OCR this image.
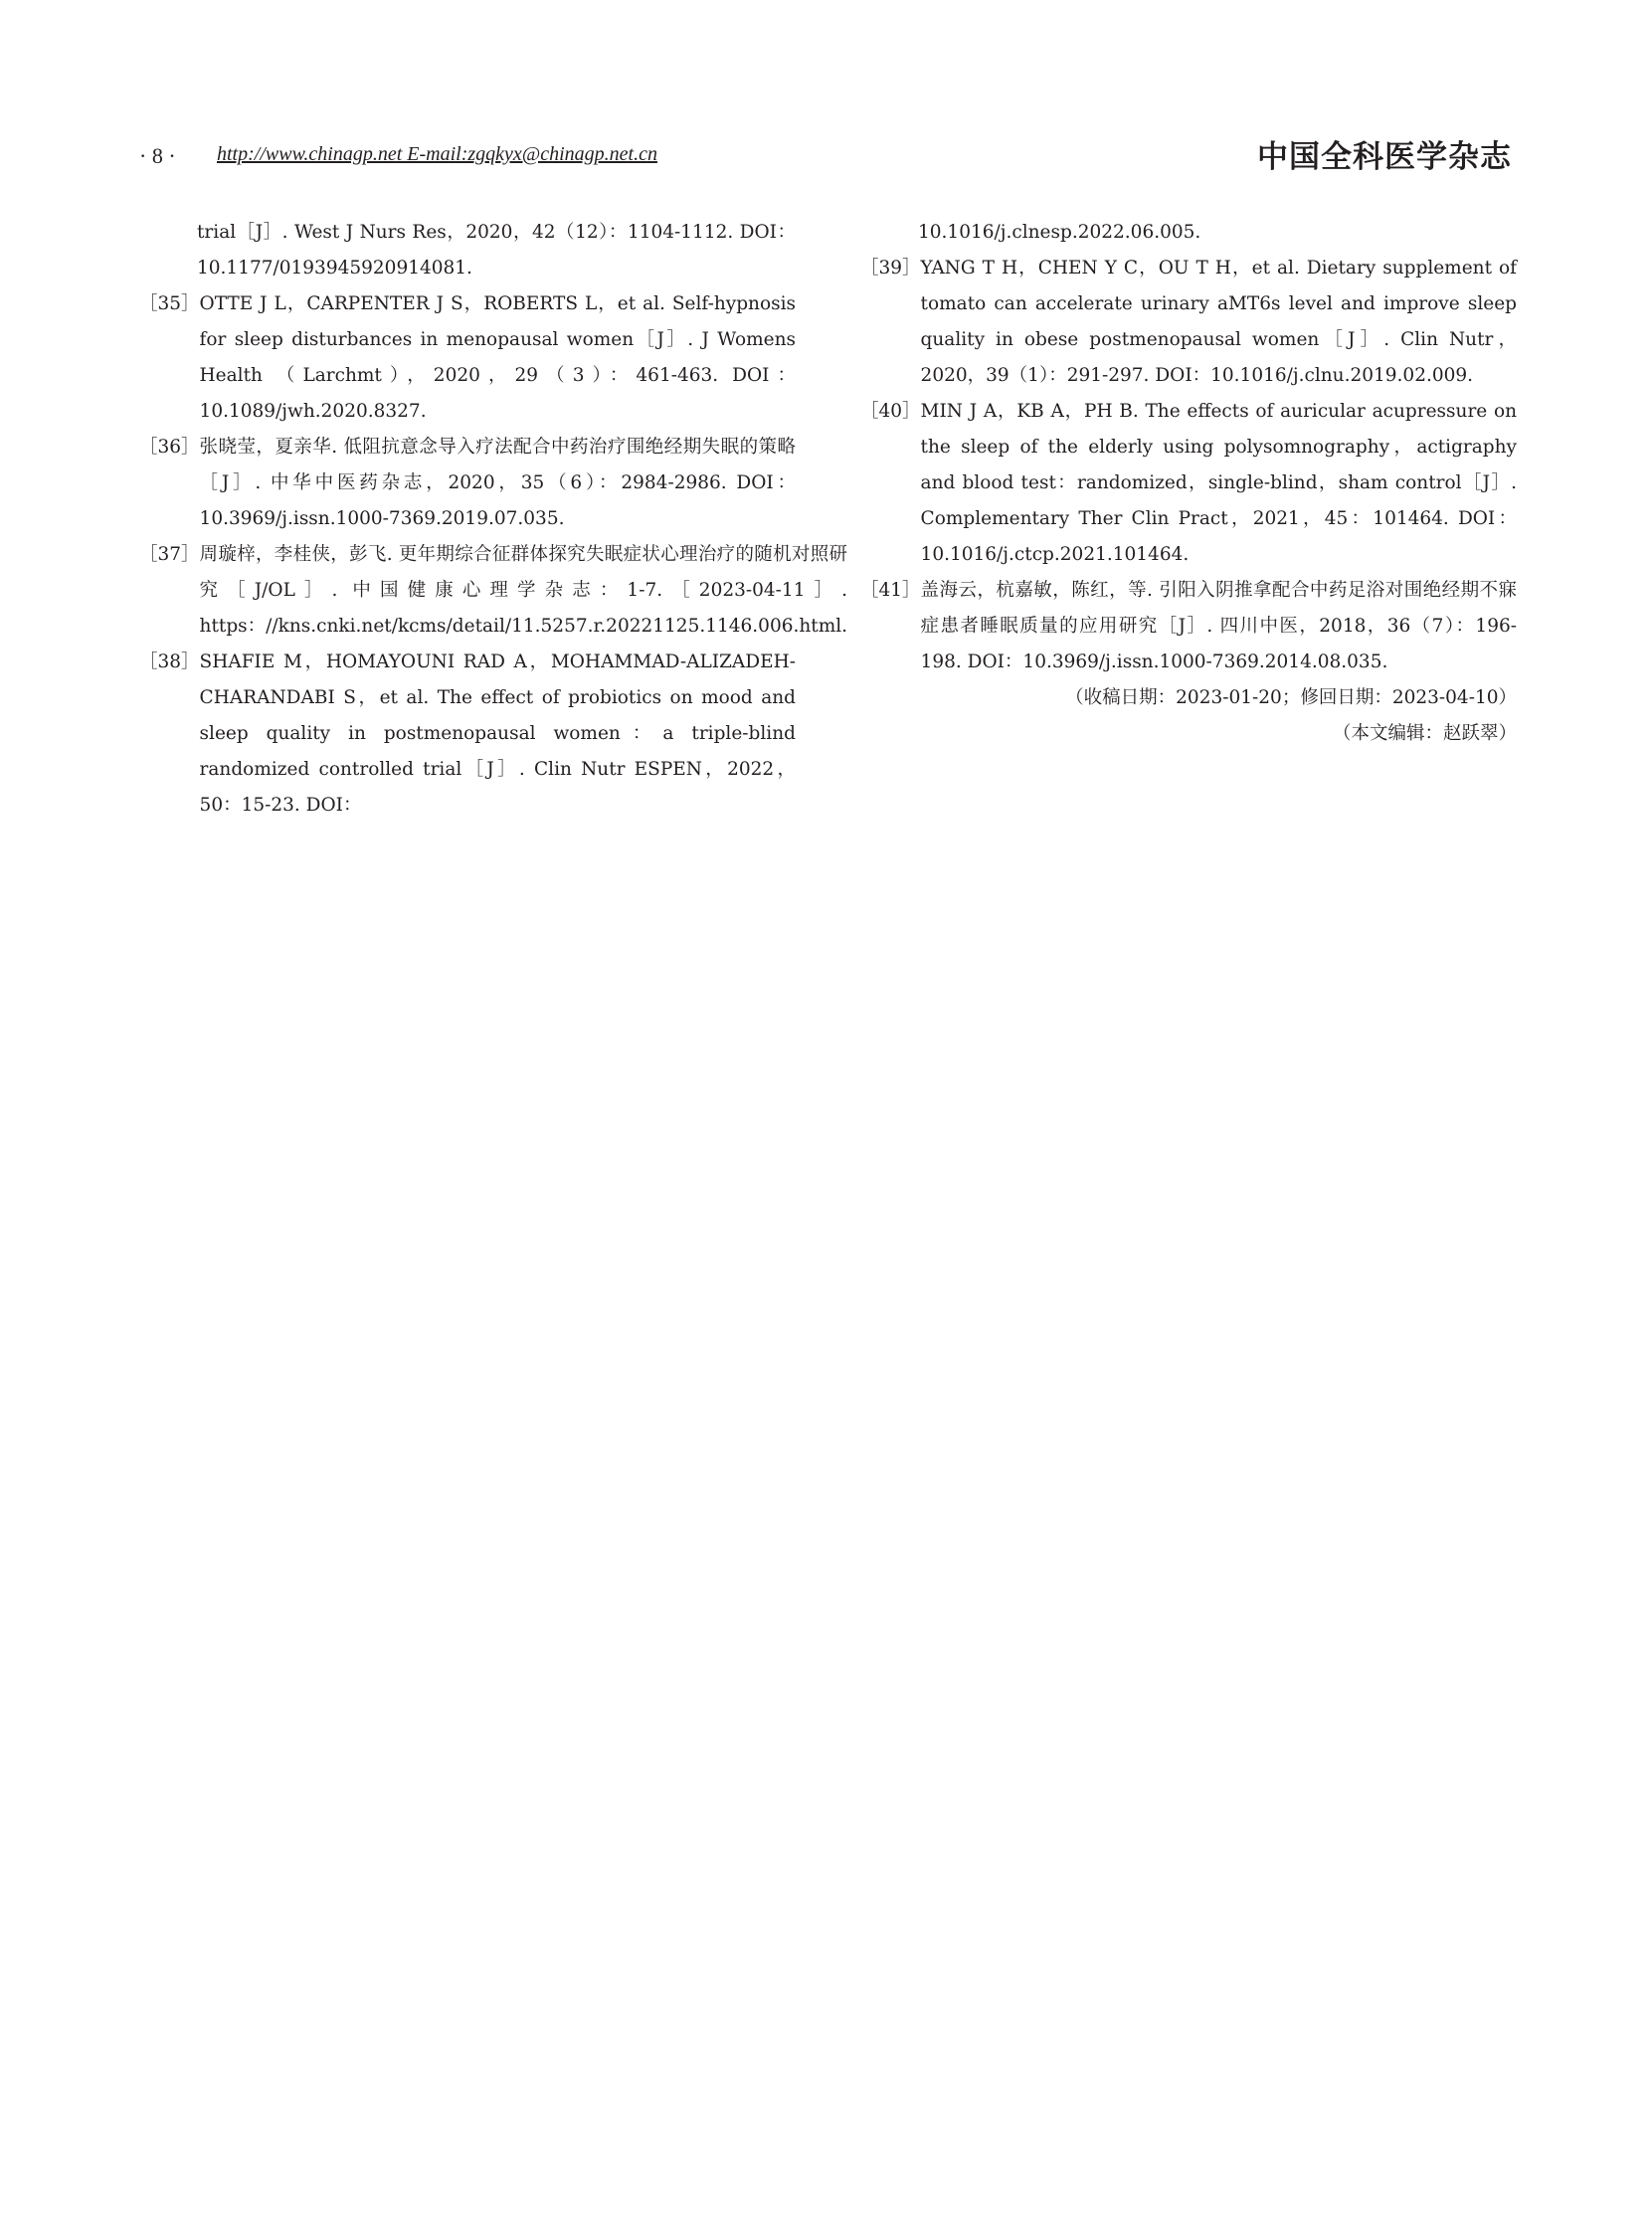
· 8 · http://www.chinagp.net E-mail:zgqkyx@chinagp.net.cn	中国全科医学杂志
trial［J］. West J Nurs Res，2020，42（12）：1104-1112. DOI：10.1177/0193945920914081.
［35］ OTTE J L，CARPENTER J S，ROBERTS L，et al. Self-hypnosis for sleep disturbances in menopausal women［J］. J Womens Health （Larchmt），2020，29（3）：461-463. DOI：10.1089/jwh.2020.8327.
［36］ 张晓莹，夏亲华. 低阻抗意念导入疗法配合中药治疗围绝经期失眠的策略［J］. 中华中医药杂志，2020，35（6）：2984-2986. DOI：10.3969/j.issn.1000-7369.2019.07.035.
［37］ 周璇梓，李桂侠，彭飞. 更年期综合征群体探究失眠症状心理治疗的随机对照研究［J/OL］. 中国健康心理学杂志：1-7.［2023-04-11］. https：//kns.cnki.net/kcms/detail/11.5257.r.20221125.1146.006.html.
［38］ SHAFIE M，HOMAYOUNI RAD A，MOHAMMAD-ALIZADEH-CHARANDABI S，et al. The effect of probiotics on mood and sleep quality in postmenopausal women：a triple-blind randomized controlled trial［J］. Clin Nutr ESPEN，2022，50：15-23. DOI：
10.1016/j.clnesp.2022.06.005.
［39］ YANG T H，CHEN Y C，OU T H，et al. Dietary supplement of tomato can accelerate urinary aMT6s level and improve sleep quality in obese postmenopausal women［J］. Clin Nutr，2020，39（1）：291-297. DOI：10.1016/j.clnu.2019.02.009.
［40］ MIN J A，KB A，PH B. The effects of auricular acupressure on the sleep of the elderly using polysomnography，actigraphy and blood test：randomized，single-blind，sham control［J］. Complementary Ther Clin Pract，2021，45：101464. DOI：10.1016/j.ctcp.2021.101464.
［41］ 盖海云，杭嘉敏，陈红，等. 引阳入阴推拿配合中药足浴对围绝经期不寐症患者睡眠质量的应用研究［J］. 四川中医，2018，36（7）：196-198. DOI：10.3969/j.issn.1000-7369.2014.08.035.
（收稿日期：2023-01-20；修回日期：2023-04-10）
（本文编辑：赵跃翠）
